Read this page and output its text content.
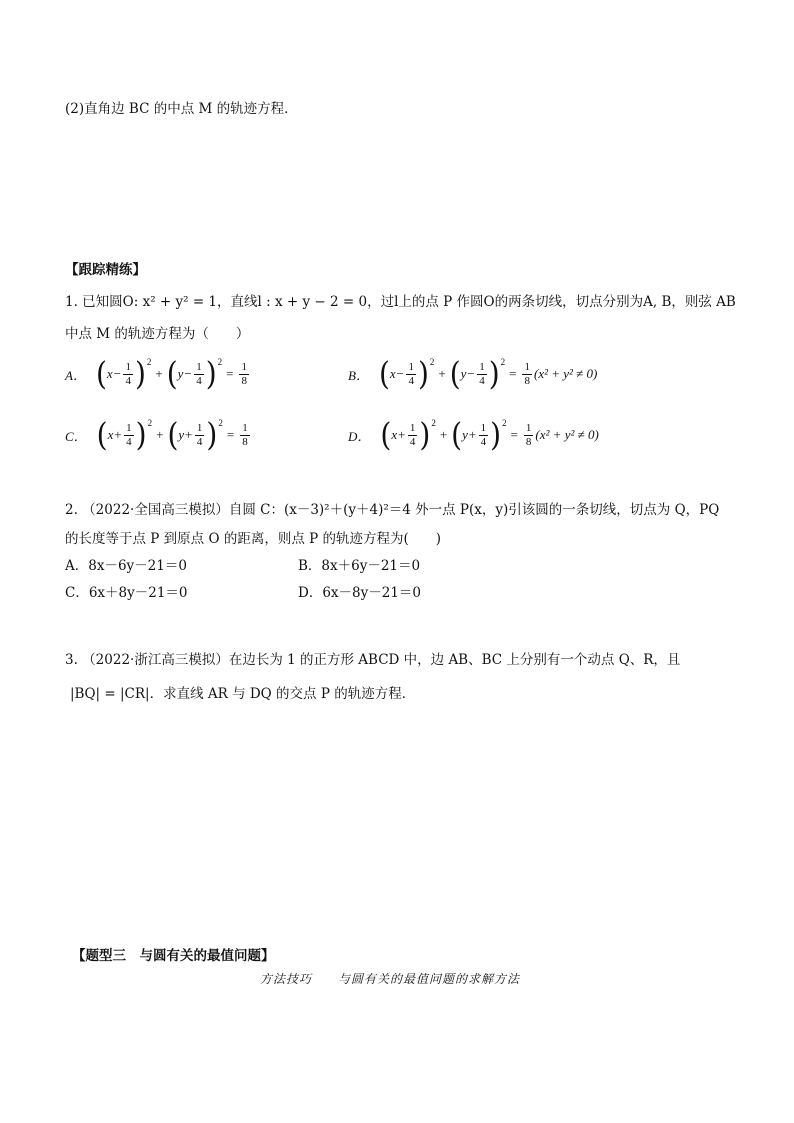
(2)直角边 BC 的中点 M 的轨迹方程．
【跟踪精练】
1. 已知圆O: x² + y² = 1，直线l : x + y − 2 = 0，过l上的点 P 作圆O的两条切线，切点分别为A, B，则弦 AB
中点 M 的轨迹方程为（　　）
A． ( $x- \frac{1}{4}$ ) 2
+ ( $y- \frac{1}{4}$ ) 2
= $\frac{1}{8}$	B． ( $x- \frac{1}{4}$ ) 2
+ ( $y- \frac{1}{4}$ ) 2
= $\frac{1}{8} (x^2 + y^2 \ne 0)$
C． ( $x+ \frac{1}{4}$ ) 2
+ ( $y+ \frac{1}{4}$ ) 2
= $\frac{1}{8}$	D． ( $x+ \frac{1}{4}$ ) 2
+ ( $y+ \frac{1}{4}$ ) 2
= $\frac{1}{8} (x^2 + y^2 \ne 0)$
2. （2022·全国高三模拟）自圆 C：(x－3)²＋(y＋4)²＝4 外一点 P(x，y)引该圆的一条切线，切点为 Q，PQ
的长度等于点 P 到原点 O 的距离，则点 P 的轨迹方程为(　　)
A．8x－6y－21＝0	B．8x＋6y－21＝0
C．6x＋8y－21＝0	D．6x－8y－21＝0
3. （2022·浙江高三模拟）在边长为 1 的正方形 ABCD 中，边 AB、BC 上分别有一个动点 Q、R，且
|BQ| = |CR|．求直线 AR 与 DQ 的交点 P 的轨迹方程．
【题型三　与圆有关的最值问题】
方法技巧　　与圆有关的最值问题的求解方法
